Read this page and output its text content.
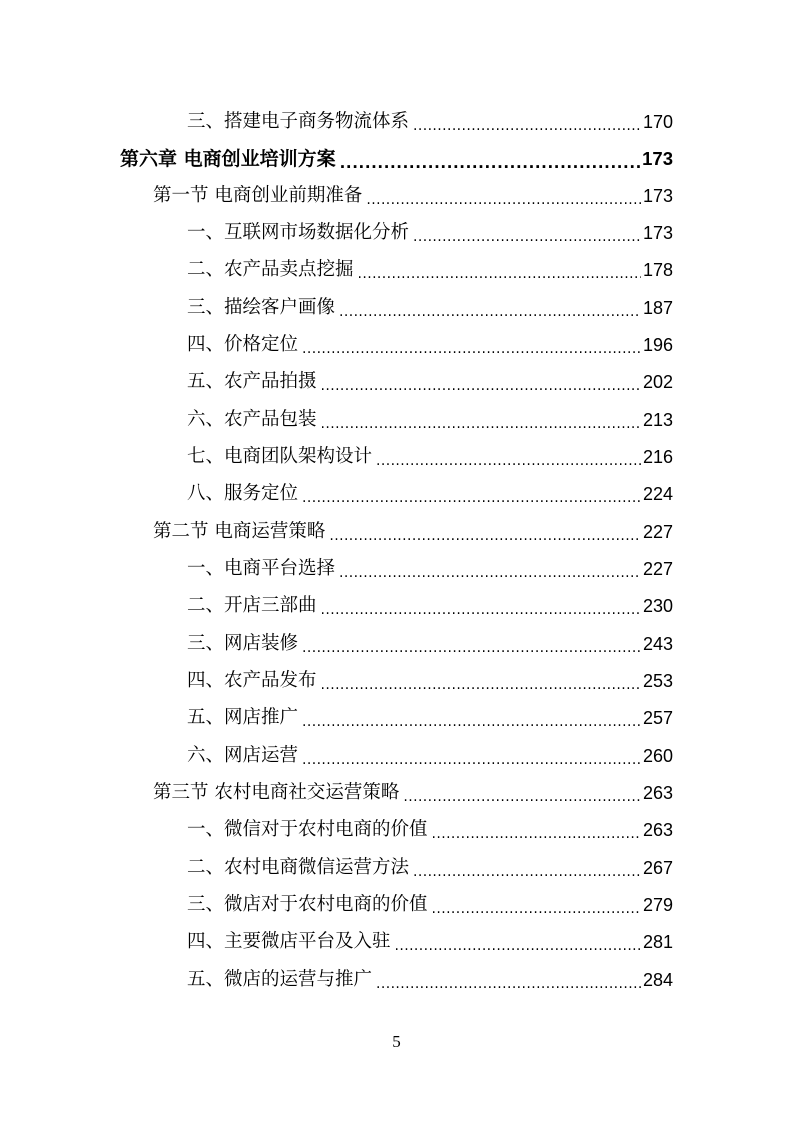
三、搭建电子商务物流体系 .....	170
第六章 电商创业培训方案 .....	173
第一节 电商创业前期准备 .....	173
一、互联网市场数据化分析 .....	173
二、农产品卖点挖掘 .....	178
三、描绘客户画像 .....	187
四、价格定位 .....	196
五、农产品拍摄 .....	202
六、农产品包装 .....	213
七、电商团队架构设计 .....	216
八、服务定位 .....	224
第二节 电商运营策略 .....	227
一、电商平台选择 .....	227
二、开店三部曲 .....	230
三、网店装修 .....	243
四、农产品发布 .....	253
五、网店推广 .....	257
六、网店运营 .....	260
第三节 农村电商社交运营策略 .....	263
一、微信对于农村电商的价值 .....	263
二、农村电商微信运营方法 .....	267
三、微店对于农村电商的价值 .....	279
四、主要微店平台及入驻 .....	281
五、微店的运营与推广 .....	284
5
